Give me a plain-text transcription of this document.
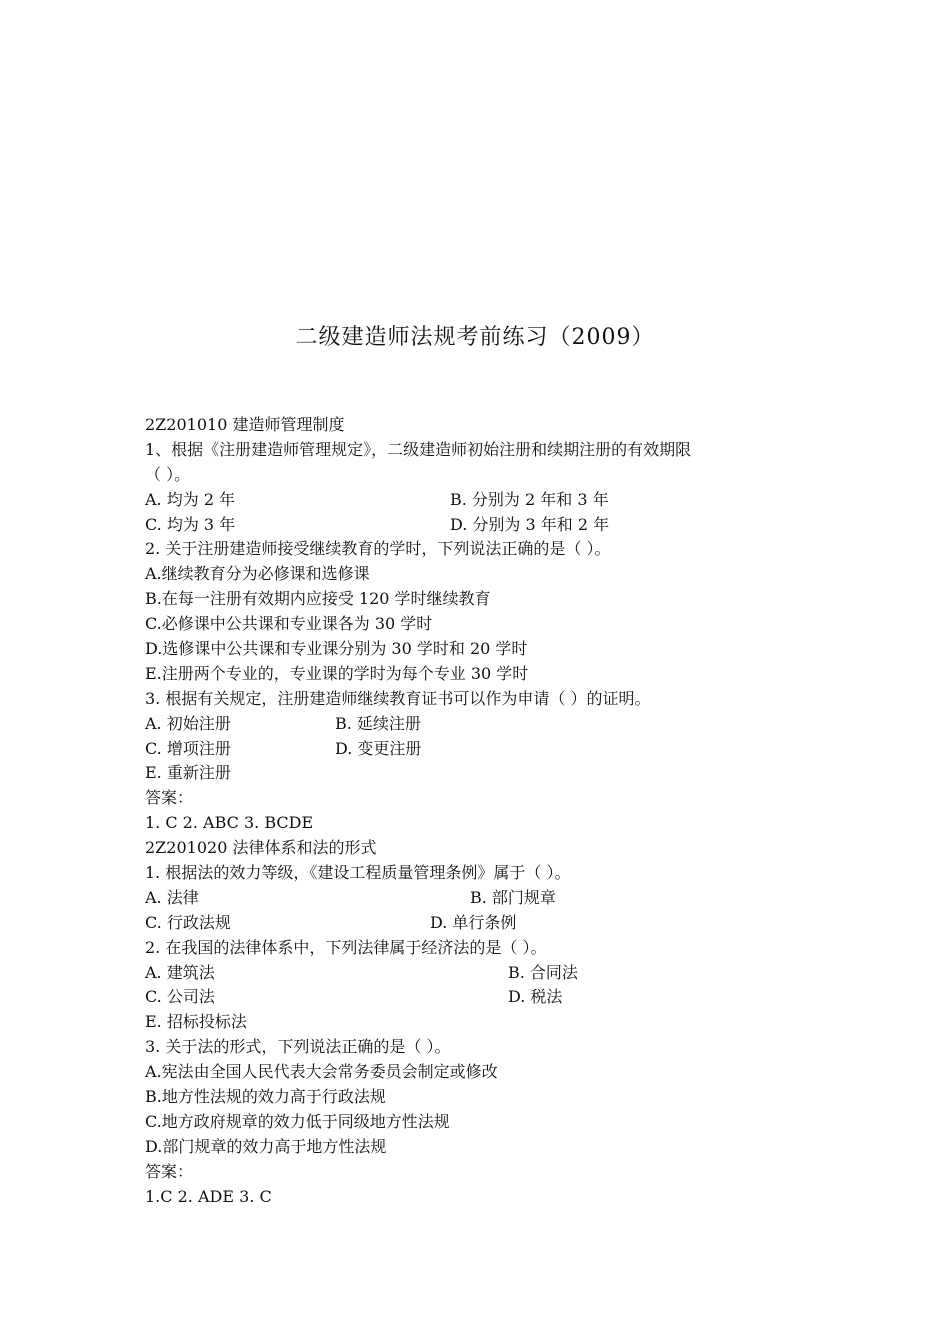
二级建造师法规考前练习（2009）
2Z201010 建造师管理制度
1、根据《注册建造师管理规定》，二级建造师初始注册和续期注册的有效期限
（ ）。
A. 均为 2 年	B. 分别为 2 年和 3 年
C. 均为 3 年	D. 分别为 3 年和 2 年
2. 关于注册建造师接受继续教育的学时，下列说法正确的是（ ）。
A.继续教育分为必修课和选修课
B.在每一注册有效期内应接受 120 学时继续教育
C.必修课中公共课和专业课各为 30 学时
D.选修课中公共课和专业课分别为 30 学时和 20 学时
E.注册两个专业的，专业课的学时为每个专业 30 学时
3. 根据有关规定，注册建造师继续教育证书可以作为申请（ ）的证明。
A. 初始注册	B. 延续注册
C. 增项注册	D. 变更注册
E. 重新注册
答案：
1. C 2. ABC 3. BCDE
2Z201020 法律体系和法的形式
1. 根据法的效力等级，《建设工程质量管理条例》属于（ ）。
A. 法律	B. 部门规章
C. 行政法规	D. 单行条例
2. 在我国的法律体系中，下列法律属于经济法的是（ ）。
A. 建筑法	B. 合同法
C. 公司法	D. 税法
E. 招标投标法
3. 关于法的形式，下列说法正确的是（ ）。
A.宪法由全国人民代表大会常务委员会制定或修改
B.地方性法规的效力高于行政法规
C.地方政府规章的效力低于同级地方性法规
D.部门规章的效力高于地方性法规
答案：
1.C 2. ADE 3. C
